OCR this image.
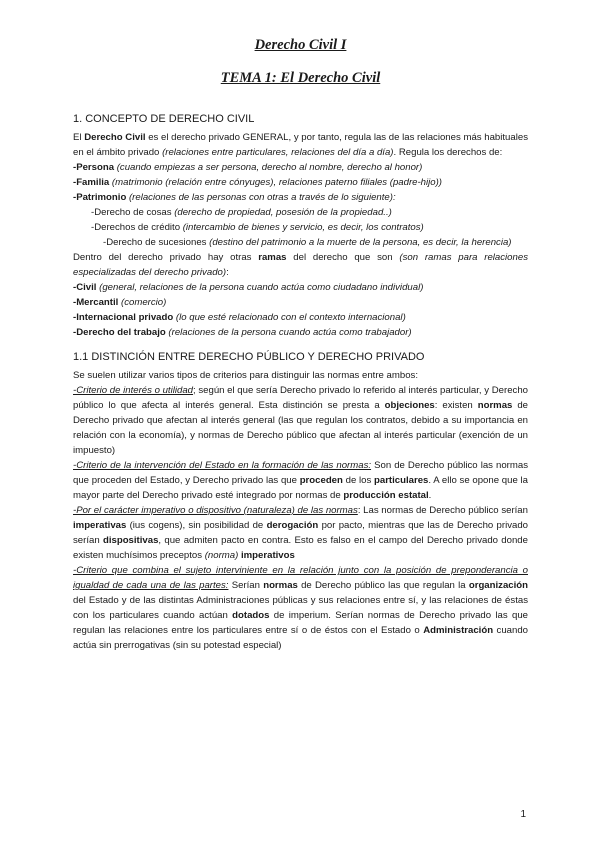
Derecho Civil I
TEMA 1: El Derecho Civil
1. CONCEPTO DE DERECHO CIVIL

El Derecho Civil es el derecho privado GENERAL, y por tanto, regula las de las relaciones más habituales en el ámbito privado (relaciones entre particulares, relaciones del día a día). Regula los derechos de:

-Persona (cuando empiezas a ser persona, derecho al nombre, derecho al honor)

-Familia (matrimonio (relación entre cónyuges), relaciones paterno filiales (padre-hijo))

-Patrimonio (relaciones de las personas con otras a través de lo siguiente):

-Derecho de cosas (derecho de propiedad, posesión de la propiedad..)

-Derechos de crédito (intercambio de bienes y servicio, es decir, los contratos)

-Derecho de sucesiones (destino del patrimonio a la muerte de la persona, es decir, la herencia)

Dentro del derecho privado hay otras ramas del derecho que son (son ramas para relaciones especializadas del derecho privado):

-Civil (general, relaciones de la persona cuando actúa como ciudadano individual)

-Mercantil (comercio)

-Internacional privado (lo que esté relacionado con el contexto internacional)

-Derecho del trabajo (relaciones de la persona cuando actúa como trabajador)

1.1 DISTINCIÓN ENTRE DERECHO PÚBLICO Y DERECHO PRIVADO

Se suelen utilizar varios tipos de criterios para distinguir las normas entre ambos:

-Criterio de interés o utilidad; según el que sería Derecho privado lo referido al interés particular, y Derecho público lo que afecta al interés general. Esta distinción se presta a objeciones: existen normas de Derecho privado que afectan al interés general (las que regulan los contratos, debido a su importancia en relación con la economía), y normas de Derecho público que afectan al interés particular (exención de un impuesto)

-Criterio de la intervención del Estado en la formación de las normas: Son de Derecho público las normas que proceden del Estado, y Derecho privado las que proceden de los particulares. A ello se opone que la mayor parte del Derecho privado esté integrado por normas de producción estatal.

-Por el carácter imperativo o dispositivo (naturaleza) de las normas: Las normas de Derecho público serían imperativas (ius cogens), sin posibilidad de derogación por pacto, mientras que las de Derecho privado serían dispositivas, que admiten pacto en contra. Esto es falso en el campo del Derecho privado donde existen muchísimos preceptos (norma) imperativos

-Criterio que combina el sujeto interviniente en la relación junto con la posición de preponderancia o igualdad de cada una de las partes: Serían normas de Derecho público las que regulan la organización del Estado y de las distintas Administraciones públicas y sus relaciones entre sí, y las relaciones de éstas con los particulares cuando actúan dotados de imperium. Serían normas de Derecho privado las que regulan las relaciones entre los particulares entre sí o de éstos con el Estado o Administración cuando actúa sin prerrogativas (sin su potestad especial)

1
